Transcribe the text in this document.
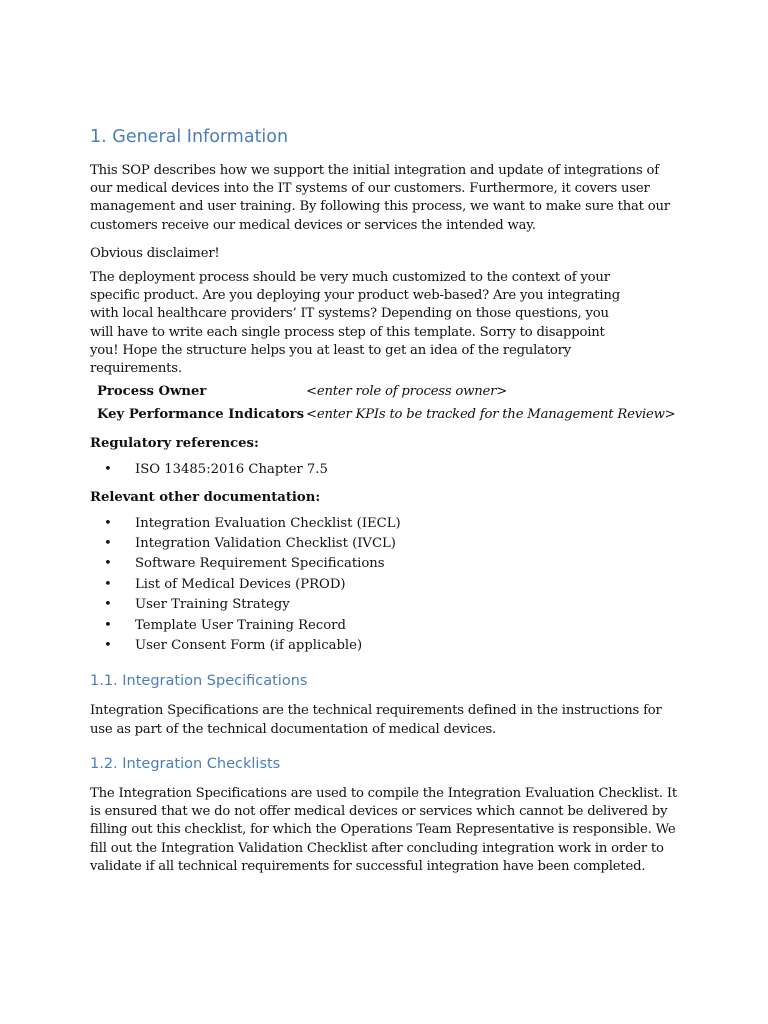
1. General Information

This SOP describes how we support the initial integration and update of integrations of our medical devices into the IT systems of our customers. Furthermore, it covers user management and user training. By following this process, we want to make sure that our customers receive our medical devices or services the intended way.

Obvious disclaimer!

The deployment process should be very much customized to the context of your specific product. Are you deploying your product web-based? Are you integrating with local healthcare providers’ IT systems? Depending on those questions, you will have to write each single process step of this template. Sorry to disappoint you! Hope the structure helps you at least to get an idea of the regulatory requirements.

Process Owner	<enter role of process owner>
Key Performance Indicators	<enter KPIs to be tracked for the Management Review>

Regulatory references:

• ISO 13485:2016 Chapter 7.5

Relevant other documentation:

• Integration Evaluation Checklist (IECL)
• Integration Validation Checklist (IVCL)
• Software Requirement Specifications
• List of Medical Devices (PROD)
• User Training Strategy
• Template User Training Record
• User Consent Form (if applicable)
1.1. Integration Specifications

Integration Specifications are the technical requirements defined in the instructions for use as part of the technical documentation of medical devices.

1.2. Integration Checklists

The Integration Specifications are used to compile the Integration Evaluation Checklist. It is ensured that we do not offer medical devices or services which cannot be delivered by filling out this checklist, for which the Operations Team Representative is responsible. We fill out the Integration Validation Checklist after concluding integration work in order to validate if all technical requirements for successful integration have been completed.
